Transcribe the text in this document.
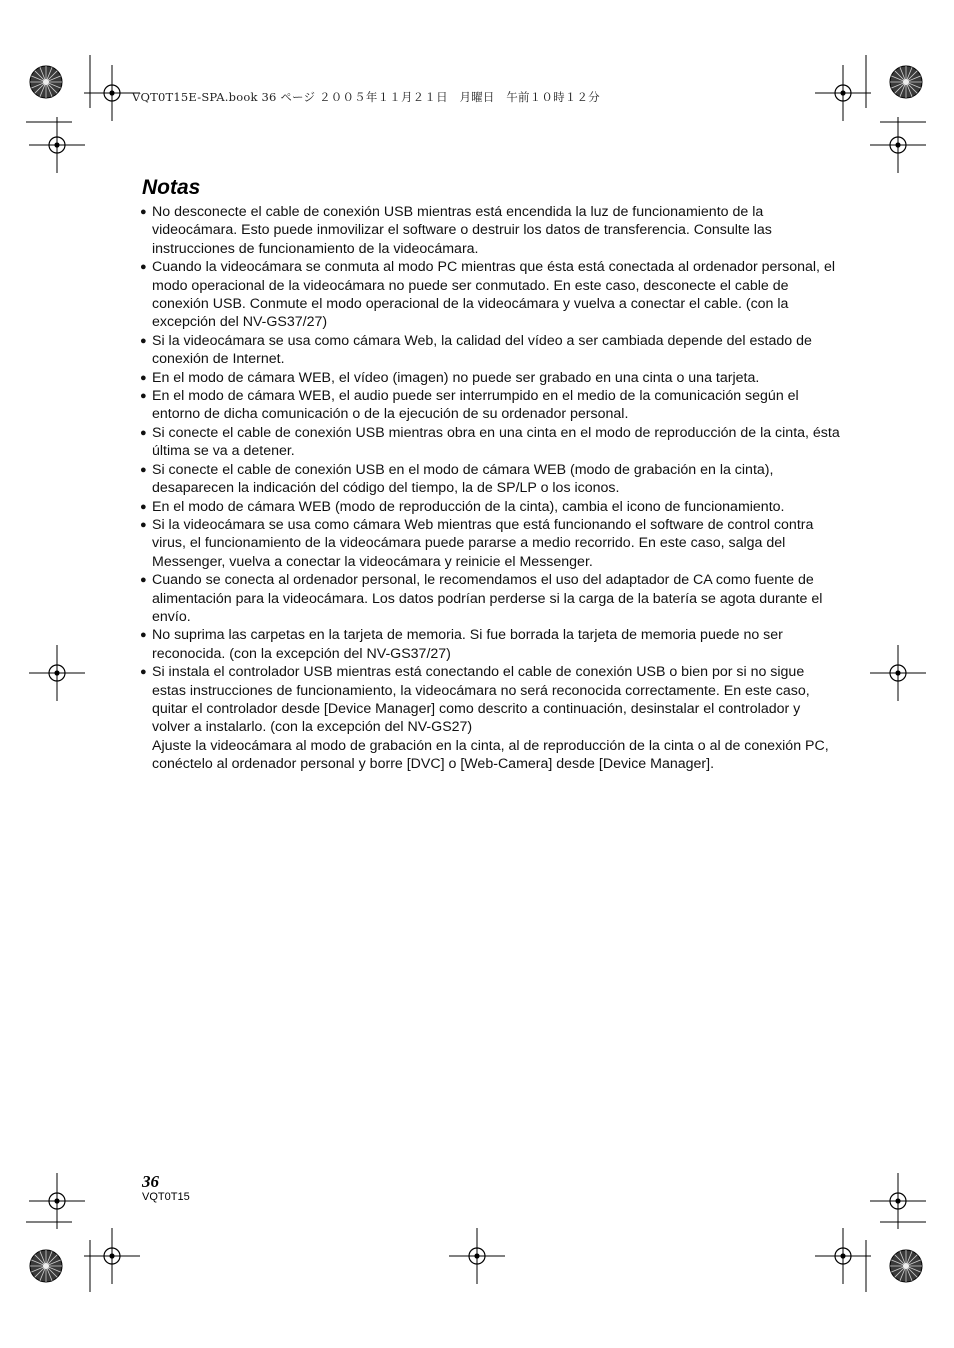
VQT0T15E-SPA.book 36 ページ ２００５年１１月２１日　月曜日　午前１０時１２分
Notas
● No desconecte el cable de conexión USB mientras está encendida la luz de funcionamiento de la videocámara. Esto puede inmovilizar el software o destruir los datos de transferencia. Consulte las instrucciones de funcionamiento de la videocámara.
● Cuando la videocámara se conmuta al modo PC mientras que ésta está conectada al ordenador personal, el modo operacional de la videocámara no puede ser conmutado. En este caso, desconecte el cable de conexión USB. Conmute el modo operacional de la videocámara y vuelva a conectar el cable. (con la excepción del NV-GS37/27)
● Si la videocámara se usa como cámara Web, la calidad del vídeo a ser cambiada depende del estado de conexión de Internet.
● En el modo de cámara WEB, el vídeo (imagen) no puede ser grabado en una cinta o una tarjeta.
● En el modo de cámara WEB, el audio puede ser interrumpido en el medio de la comunicación según el entorno de dicha comunicación o de la ejecución de su ordenador personal.
● Si conecte el cable de conexión USB mientras obra en una cinta en el modo de reproducción de la cinta, ésta última se va a detener.
● Si conecte el cable de conexión USB en el modo de cámara WEB (modo de grabación en la cinta), desaparecen la indicación del código del tiempo, la de SP/LP o los iconos.
● En el modo de cámara WEB (modo de reproducción de la cinta), cambia el icono de funcionamiento.
● Si la videocámara se usa como cámara Web mientras que está funcionando el software de control contra virus, el funcionamiento de la videocámara puede pararse a medio recorrido. En este caso, salga del Messenger, vuelva a conectar la videocámara y reinicie el Messenger.
● Cuando se conecta al ordenador personal, le recomendamos el uso del adaptador de CA como fuente de alimentación para la videocámara. Los datos podrían perderse si la carga de la batería se agota durante el envío.
● No suprima las carpetas en la tarjeta de memoria. Si fue borrada la tarjeta de memoria puede no ser reconocida. (con la excepción del NV-GS37/27)
● Si instala el controlador USB mientras está conectando el cable de conexión USB o bien por si no sigue estas instrucciones de funcionamiento, la videocámara no será reconocida correctamente. En este caso, quitar el controlador desde [Device Manager] como descrito a continuación, desinstalar el controlador y volver a instalarlo. (con la excepción del NV-GS27)
Ajuste la videocámara al modo de grabación en la cinta, al de reproducción de la cinta o al de conexión PC, conéctelo al ordenador personal y borre [DVC] o [Web-Camera] desde [Device Manager].
36
VQT0T15
